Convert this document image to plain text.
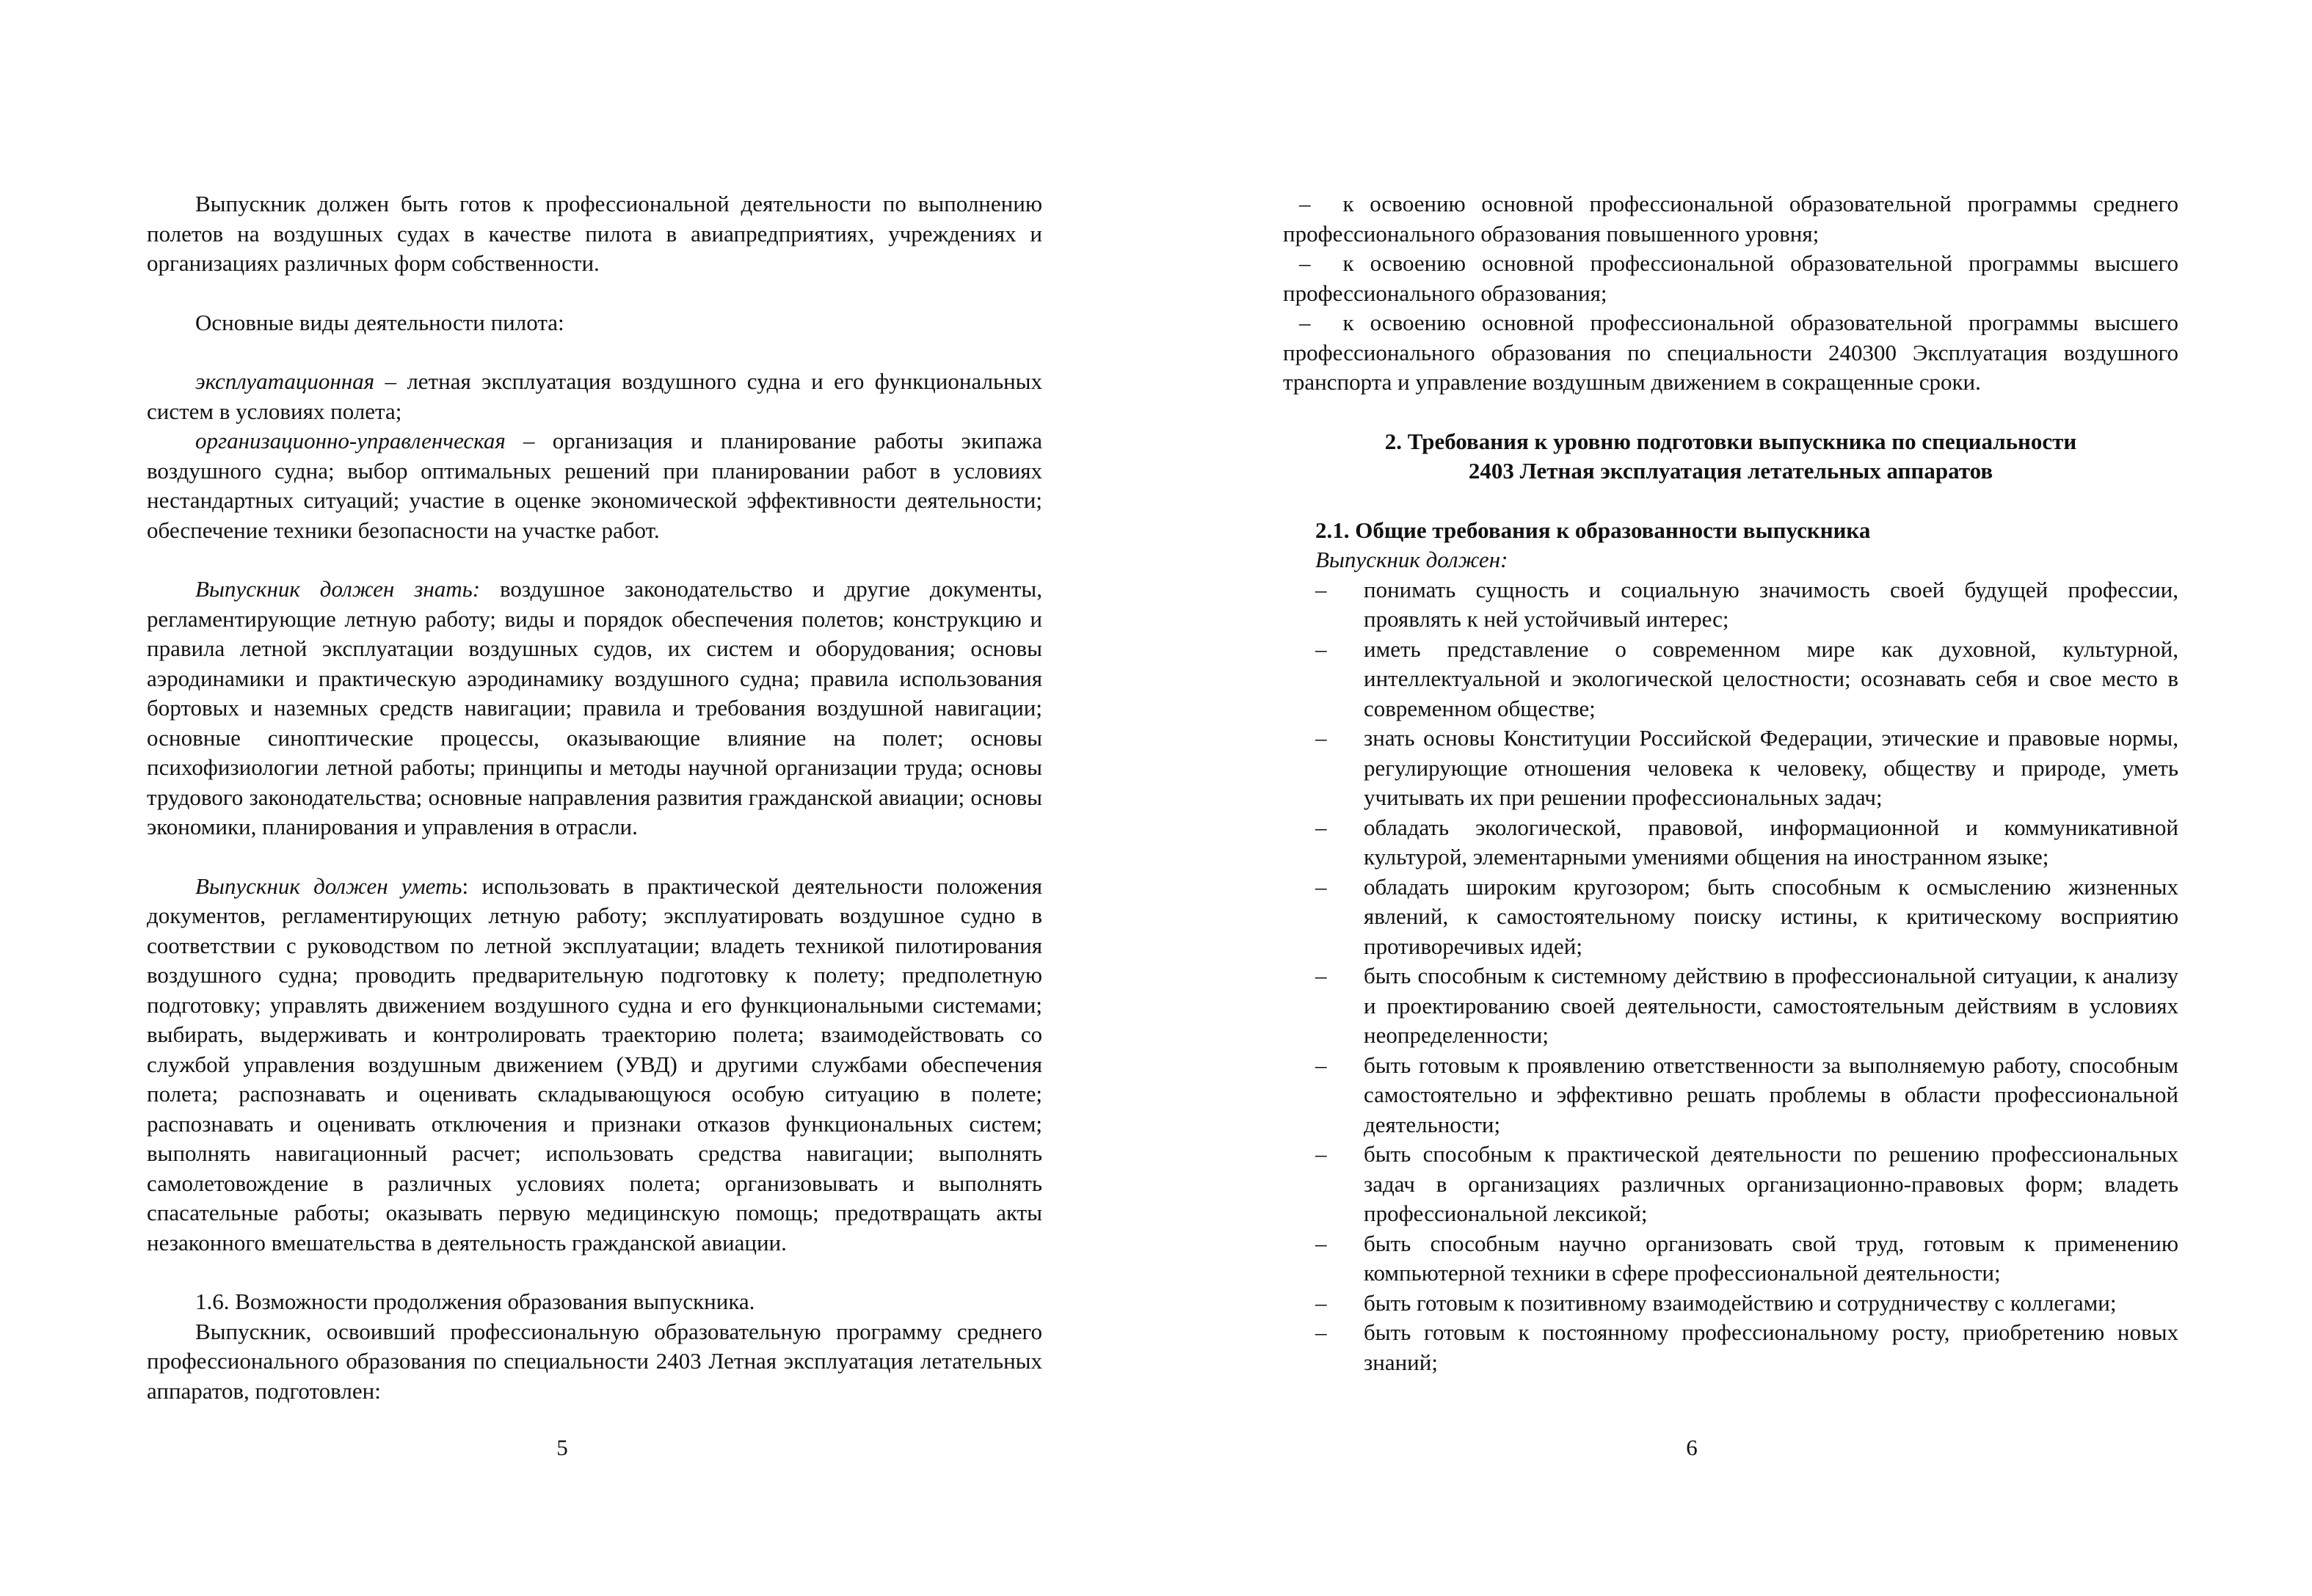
Выпускник должен быть готов к профессиональной деятельности по выполнению полетов на воздушных судах в качестве пилота в авиапредприятиях, учреждениях и организациях различных форм собственности.

Основные виды деятельности пилота:

эксплуатационная – летная эксплуатация воздушного судна и его функциональных систем в условиях полета;

организационно-управленческая – организация и планирование работы экипажа воздушного судна; выбор оптимальных решений при планировании работ в условиях нестандартных ситуаций; участие в оценке экономической эффективности деятельности; обеспечение техники безопасности на участке работ.

Выпускник должен знать: воздушное законодательство и другие документы, регламентирующие летную работу; виды и порядок обеспечения полетов; конструкцию и правила летной эксплуатации воздушных судов, их систем и оборудования; основы аэродинамики и практическую аэродинамику воздушного судна; правила использования бортовых и наземных средств навигации; правила и требования воздушной навигации; основные синоптические процессы, оказывающие влияние на полет; основы психофизиологии летной работы; принципы и методы научной организации труда; основы трудового законодательства; основные направления развития гражданской авиации; основы экономики, планирования и управления в отрасли.

Выпускник должен уметь: использовать в практической деятельности положения документов, регламентирующих летную работу; эксплуатировать воздушное судно в соответствии с руководством по летной эксплуатации; владеть техникой пилотирования воздушного судна; проводить предварительную подготовку к полету; предполетную подготовку; управлять движением воздушного судна и его функциональными системами; выбирать, выдерживать и контролировать траекторию полета; взаимодействовать со службой управления воздушным движением (УВД) и другими службами обеспечения полета; распознавать и оценивать складывающуюся особую ситуацию в полете; распознавать и оценивать отключения и признаки отказов функциональных систем; выполнять навигационный расчет; использовать средства навигации; выполнять самолетовождение в различных условиях полета; организовывать и выполнять спасательные работы; оказывать первую медицинскую помощь; предотвращать акты незаконного вмешательства в деятельность гражданской авиации.

1.6. Возможности продолжения образования выпускника.

Выпускник, освоивший профессиональную образовательную программу среднего профессионального образования по специальности 2403 Летная эксплуатация летательных аппаратов, подготовлен:

5
– к освоению основной профессиональной образовательной программы среднего профессионального образования повышенного уровня;
– к освоению основной профессиональной образовательной программы высшего профессионального образования;
– к освоению основной профессиональной образовательной программы высшего профессионального образования по специальности 240300 Эксплуатация воздушного транспорта и управление воздушным движением в сокращенные сроки.

2. Требования к уровню подготовки выпускника по специальности

2403 Летная эксплуатация летательных аппаратов

2.1. Общие требования к образованности выпускника

Выпускник должен:

– понимать сущность и социальную значимость своей будущей профессии, проявлять к ней устойчивый интерес;
– иметь представление о современном мире как духовной, культурной, интеллектуальной и экологической целостности; осознавать себя и свое место в современном обществе;
– знать основы Конституции Российской Федерации, этические и правовые нормы, регулирующие отношения человека к человеку, обществу и природе, уметь учитывать их при решении профессиональных задач;
– обладать экологической, правовой, информационной и коммуникативной культурой, элементарными умениями общения на иностранном языке;
– обладать широким кругозором; быть способным к осмыслению жизненных явлений, к самостоятельному поиску истины, к критическому восприятию противоречивых идей;
– быть способным к системному действию в профессиональной ситуации, к анализу и проектированию своей деятельности, самостоятельным действиям в условиях неопределенности;
– быть готовым к проявлению ответственности за выполняемую работу, способным самостоятельно и эффективно решать проблемы в области профессиональной деятельности;
– быть способным к практической деятельности по решению профессиональных задач в организациях различных организационно-правовых форм; владеть профессиональной лексикой;
– быть способным научно организовать свой труд, готовым к применению компьютерной техники в сфере профессиональной деятельности;
– быть готовым к позитивному взаимодействию и сотрудничеству с коллегами;
– быть готовым к постоянному профессиональному росту, приобретению новых знаний;
6
